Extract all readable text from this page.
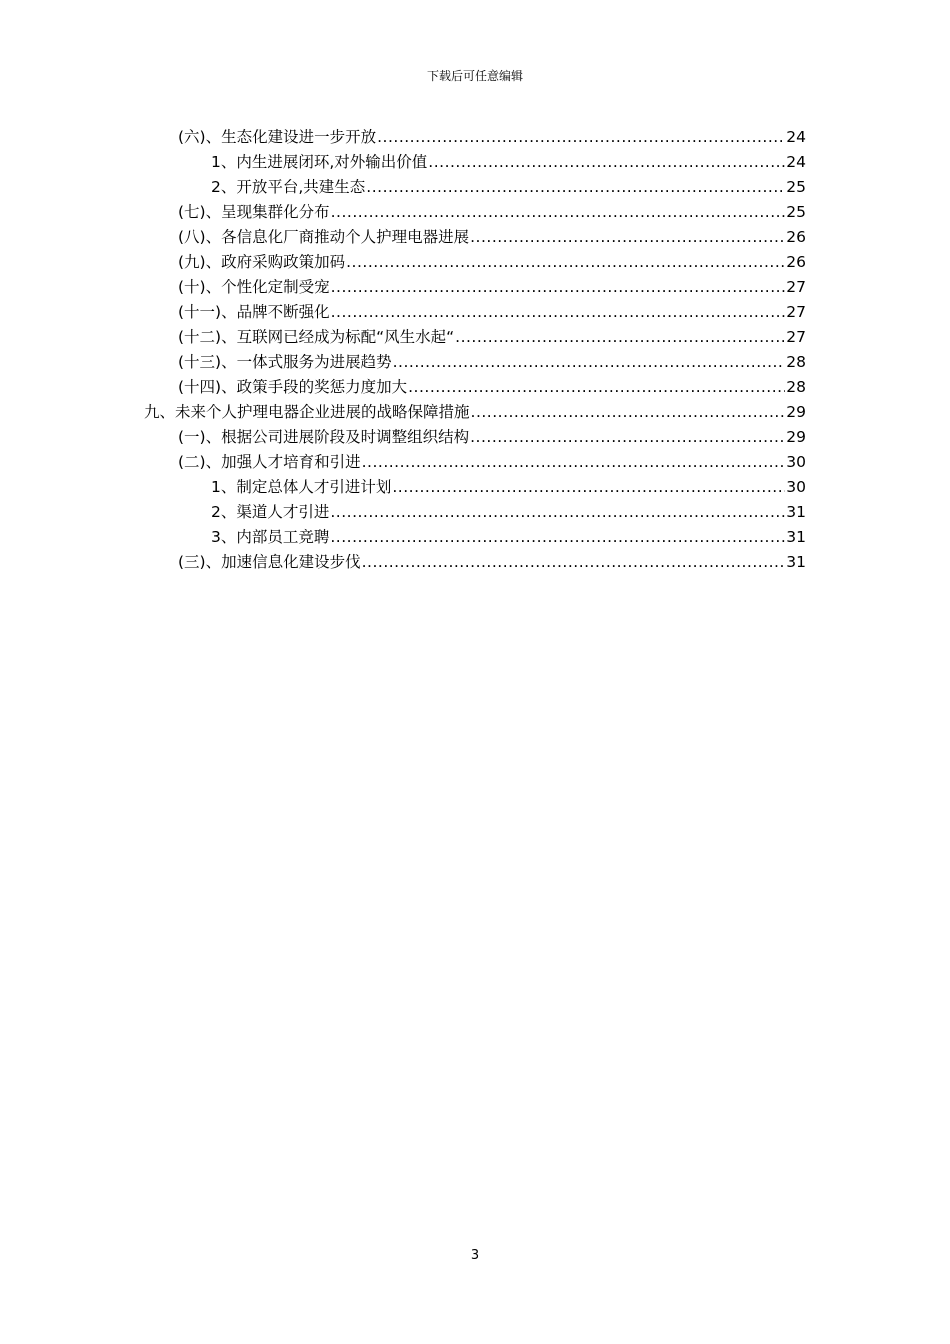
下载后可任意编辑
(六)、生态化建设进一步开放 .....	24
1、内生进展闭环,对外输出价值 .....	24
2、开放平台,共建生态 .....	25
(七)、呈现集群化分布 .....	25
(八)、各信息化厂商推动个人护理电器进展 .....	26
(九)、政府采购政策加码 .....	26
(十)、个性化定制受宠 .....	27
(十一)、品牌不断强化 .....	27
(十二)、互联网已经成为标配“风生水起“ .....	27
(十三)、一体式服务为进展趋势 .....	28
(十四)、政策手段的奖惩力度加大 .....	28
九、未来个人护理电器企业进展的战略保障措施 .....	29
(一)、根据公司进展阶段及时调整组织结构 .....	29
(二)、加强人才培育和引进 .....	30
1、制定总体人才引进计划 .....	30
2、渠道人才引进 .....	31
3、内部员工竞聘 .....	31
(三)、加速信息化建设步伐 .....	31
3
